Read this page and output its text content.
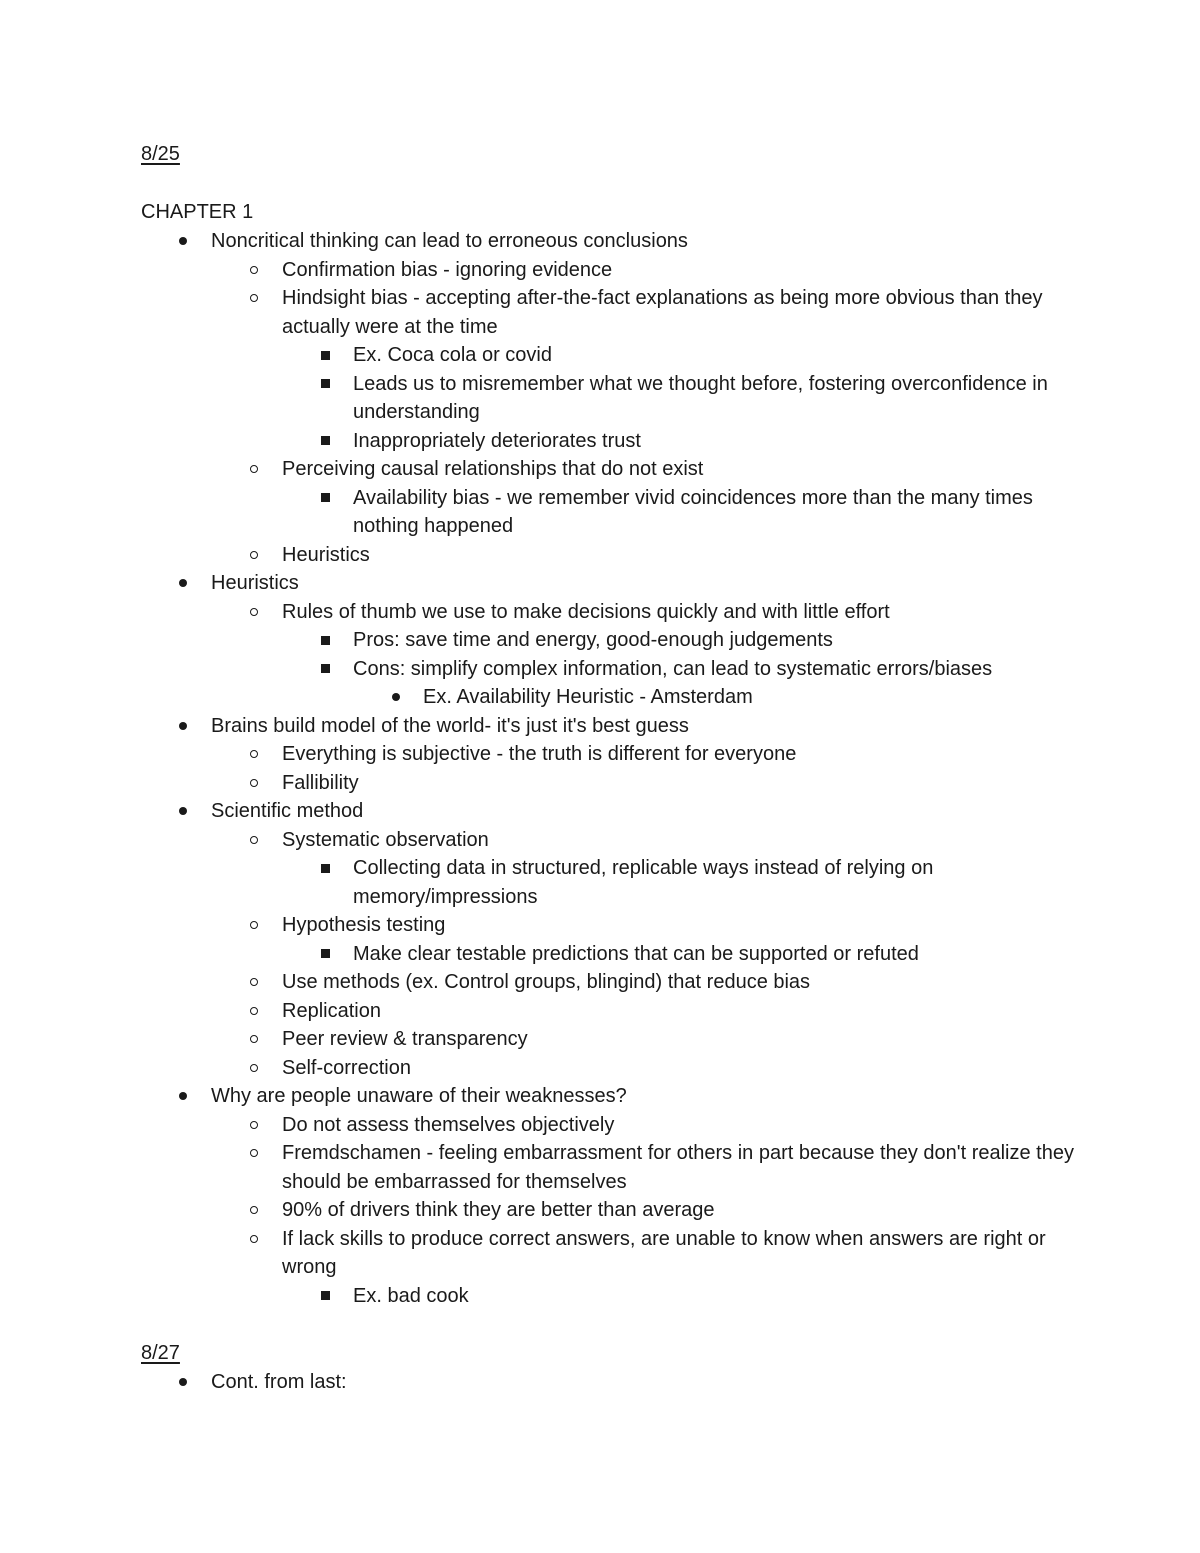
8/25
CHAPTER 1
Noncritical thinking can lead to erroneous conclusions
Confirmation bias - ignoring evidence
Hindsight bias - accepting after-the-fact explanations as being more obvious than they actually were at the time
Ex. Coca cola or covid
Leads us to misremember what we thought before, fostering overconfidence in understanding
Inappropriately deteriorates trust
Perceiving causal relationships that do not exist
Availability bias - we remember vivid coincidences more than the many times nothing happened
Heuristics
Heuristics
Rules of thumb we use to make decisions quickly and with little effort
Pros: save time and energy, good-enough judgements
Cons: simplify complex information, can lead to systematic errors/biases
Ex. Availability Heuristic - Amsterdam
Brains build model of the world- it's just it's best guess
Everything is subjective - the truth is different for everyone
Fallibility
Scientific method
Systematic observation
Collecting data in structured, replicable ways instead of relying on memory/impressions
Hypothesis testing
Make clear testable predictions that can be supported or refuted
Use methods (ex. Control groups, blingind) that reduce bias
Replication
Peer review & transparency
Self-correction
Why are people unaware of their weaknesses?
Do not assess themselves objectively
Fremdschamen - feeling embarrassment for others in part because they don't realize they should be embarrassed for themselves
90% of drivers think they are better than average
If lack skills to produce correct answers, are unable to know when answers are right or wrong
Ex. bad cook
8/27
Cont. from last:
